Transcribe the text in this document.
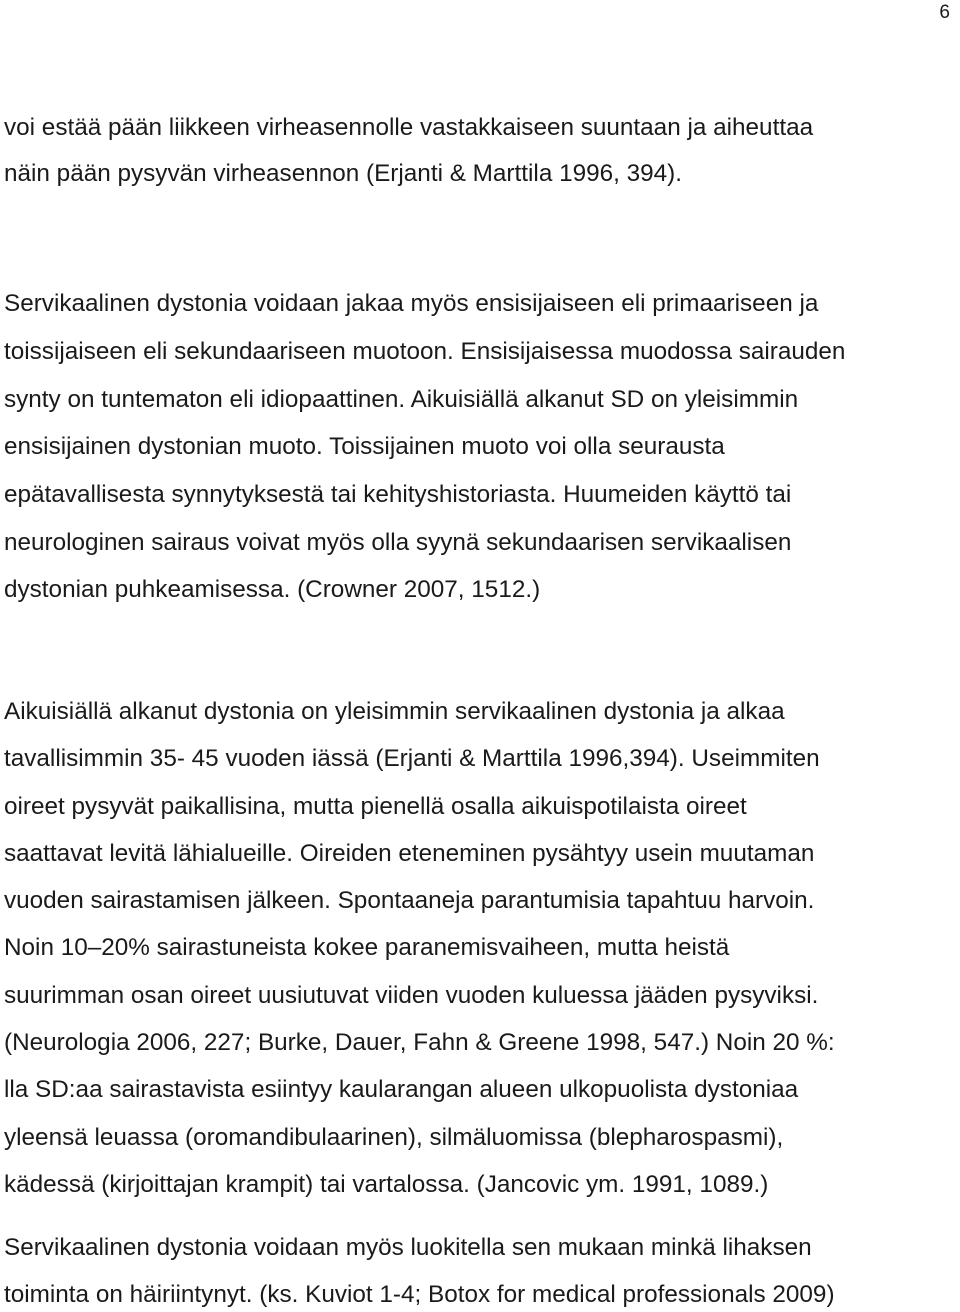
6
voi estää pään liikkeen virheasennolle vastakkaiseen suuntaan ja aiheuttaa
näin pään pysyvän virheasennon (Erjanti & Marttila 1996, 394).
Servikaalinen dystonia voidaan jakaa myös ensisijaiseen eli primaariseen ja
toissijaiseen eli sekundaariseen muotoon. Ensisijaisessa muodossa sairauden
synty on tuntematon eli idiopaattinen. Aikuisiällä alkanut SD on yleisimmin
ensisijainen dystonian muoto. Toissijainen muoto voi olla seurausta
epätavallisesta synnytyksestä tai kehityshistoriasta. Huumeiden käyttö tai
neurologinen sairaus voivat myös olla syynä sekundaarisen servikaalisen
dystonian puhkeamisessa. (Crowner 2007, 1512.)
Aikuisiällä alkanut dystonia on yleisimmin servikaalinen dystonia ja alkaa
tavallisimmin 35- 45 vuoden iässä (Erjanti & Marttila 1996,394). Useimmiten
oireet pysyvät paikallisina, mutta pienellä osalla aikuispotilaista oireet
saattavat levitä lähialueille. Oireiden eteneminen pysähtyy usein muutaman
vuoden sairastamisen jälkeen. Spontaaneja parantumisia tapahtuu harvoin.
Noin 10–20% sairastuneista kokee paranemisvaiheen, mutta heistä
suurimman osan oireet uusiutuvat viiden vuoden kuluessa jääden pysyviksi.
(Neurologia 2006, 227; Burke, Dauer, Fahn & Greene 1998, 547.) Noin 20 %:
lla SD:aa sairastavista esiintyy kaularangan alueen ulkopuolista dystoniaa
yleensä leuassa (oromandibulaarinen), silmäluomissa (blepharospasmi),
kädessä (kirjoittajan krampit) tai vartalossa. (Jancovic ym. 1991, 1089.)
Servikaalinen dystonia voidaan myös luokitella sen mukaan minkä lihaksen
toiminta on häiriintynyt. (ks. Kuviot 1-4; Botox for medical professionals 2009)
